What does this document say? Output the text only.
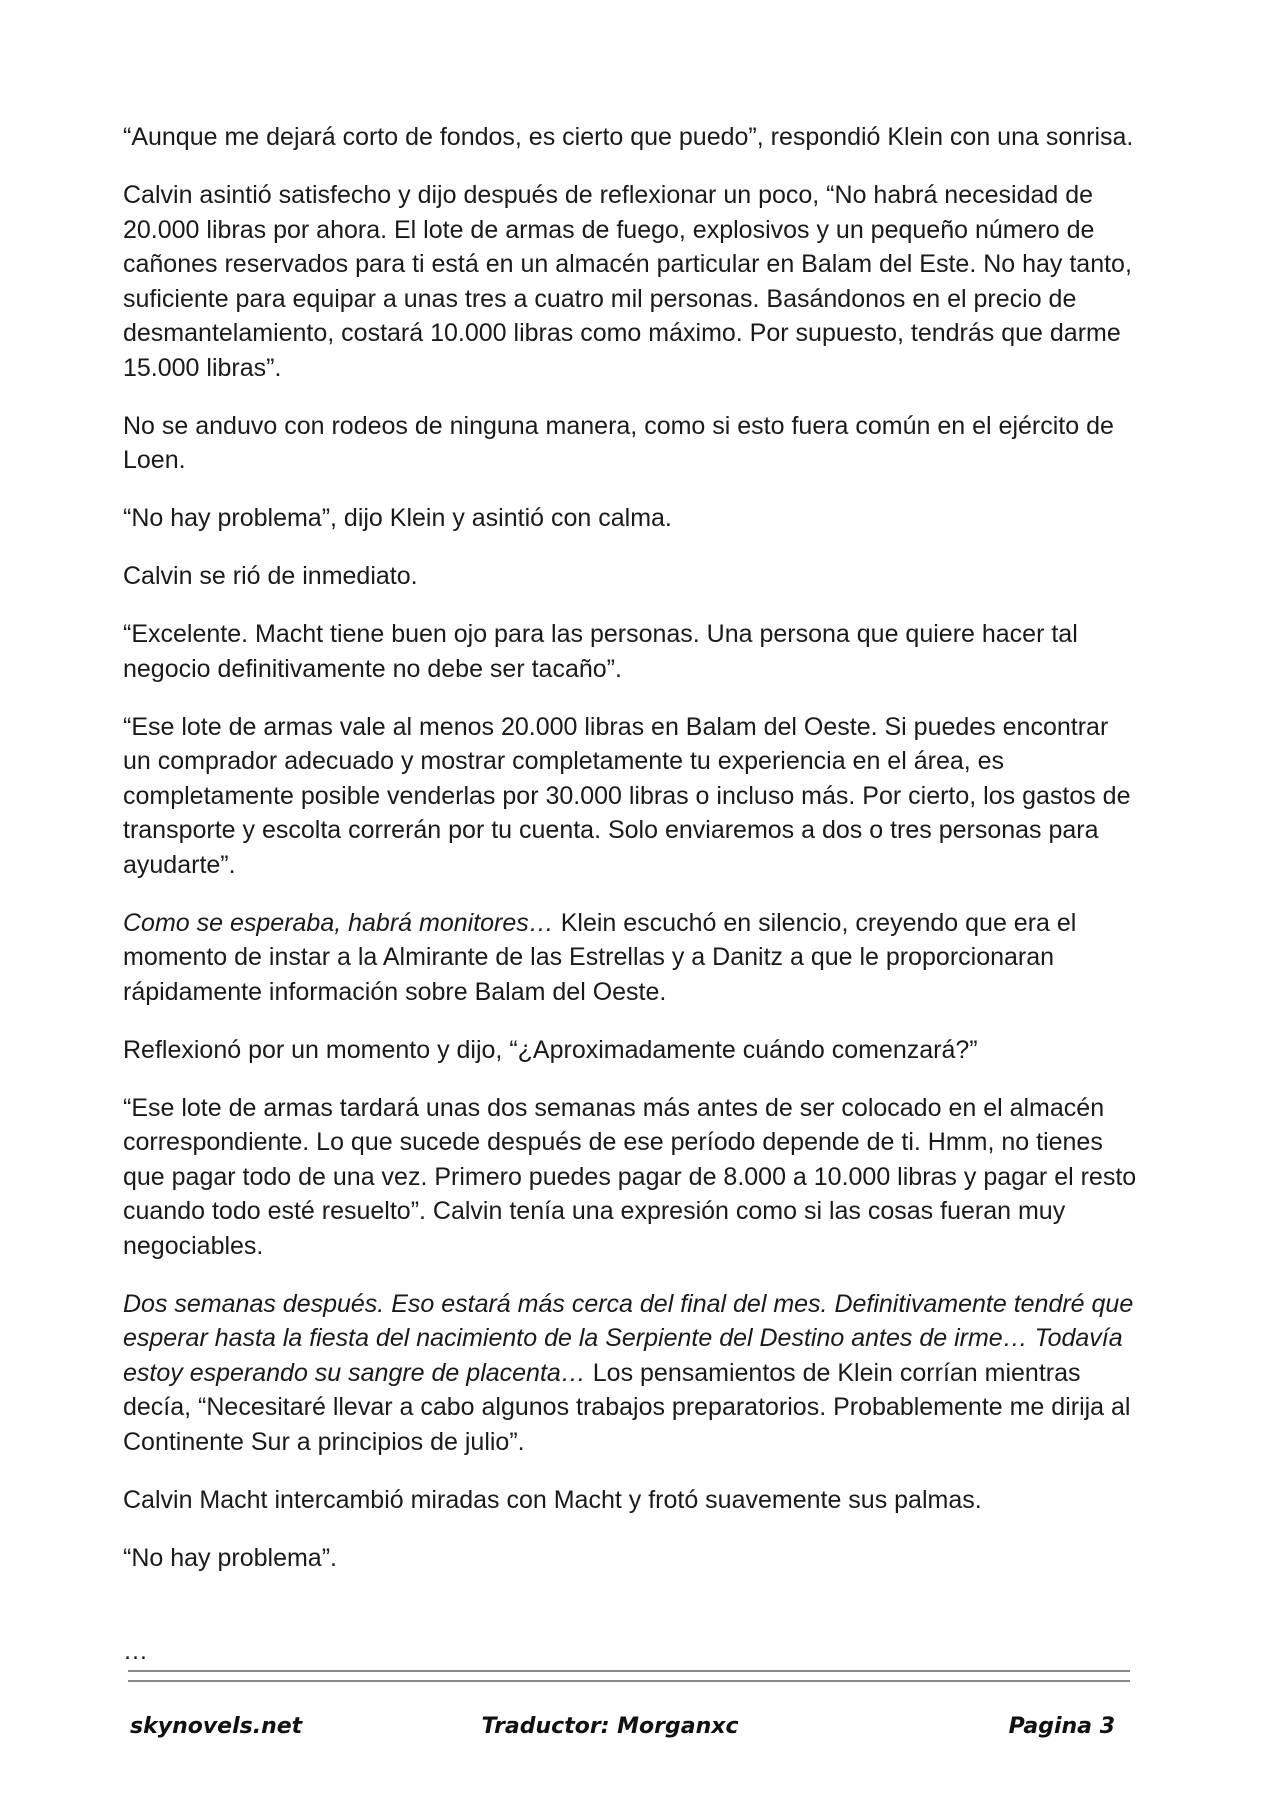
“Aunque me dejará corto de fondos, es cierto que puedo”, respondió Klein con una sonrisa.

Calvin asintió satisfecho y dijo después de reflexionar un poco, “No habrá necesidad de 20.000 libras por ahora. El lote de armas de fuego, explosivos y un pequeño número de cañones reservados para ti está en un almacén particular en Balam del Este. No hay tanto, suficiente para equipar a unas tres a cuatro mil personas. Basándonos en el precio de desmantelamiento, costará 10.000 libras como máximo. Por supuesto, tendrás que darme 15.000 libras”.

No se anduvo con rodeos de ninguna manera, como si esto fuera común en el ejército de Loen.

“No hay problema”, dijo Klein y asintió con calma.

Calvin se rió de inmediato.

“Excelente. Macht tiene buen ojo para las personas. Una persona que quiere hacer tal negocio definitivamente no debe ser tacaño”.

“Ese lote de armas vale al menos 20.000 libras en Balam del Oeste. Si puedes encontrar un comprador adecuado y mostrar completamente tu experiencia en el área, es completamente posible venderlas por 30.000 libras o incluso más. Por cierto, los gastos de transporte y escolta correrán por tu cuenta. Solo enviaremos a dos o tres personas para ayudarte”.

Como se esperaba, habrá monitores… Klein escuchó en silencio, creyendo que era el momento de instar a la Almirante de las Estrellas y a Danitz a que le proporcionaran rápidamente información sobre Balam del Oeste.

Reflexionó por un momento y dijo, “¿Aproximadamente cuándo comenzará?”

“Ese lote de armas tardará unas dos semanas más antes de ser colocado en el almacén correspondiente. Lo que sucede después de ese período depende de ti. Hmm, no tienes que pagar todo de una vez. Primero puedes pagar de 8.000 a 10.000 libras y pagar el resto cuando todo esté resuelto”. Calvin tenía una expresión como si las cosas fueran muy negociables.

Dos semanas después. Eso estará más cerca del final del mes. Definitivamente tendré que esperar hasta la fiesta del nacimiento de la Serpiente del Destino antes de irme… Todavía estoy esperando su sangre de placenta… Los pensamientos de Klein corrían mientras decía, “Necesitaré llevar a cabo algunos trabajos preparatorios. Probablemente me dirija al Continente Sur a principios de julio”.

Calvin Macht intercambió miradas con Macht y frotó suavemente sus palmas.

“No hay problema”.

…
skynovels.net	Traductor: Morganxc	Pagina 3
